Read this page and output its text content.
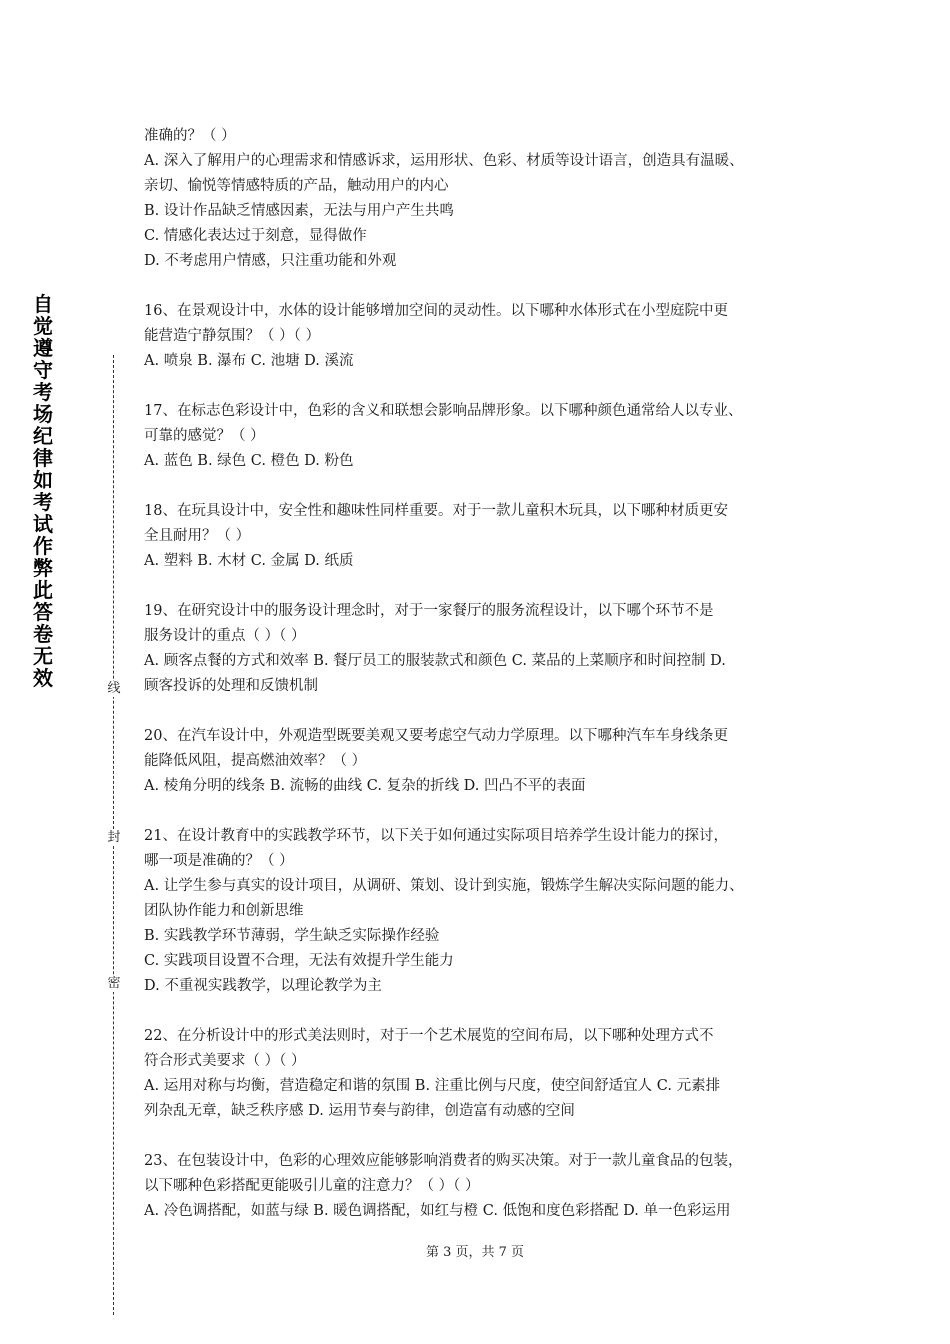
自
觉
遵
守
考
场
纪
律
如
考
试
作
弊
此
答
卷
无
效	线
封
密
准确的？（ ）
A. 深入了解用户的心理需求和情感诉求，运用形状、色彩、材质等设计语言，创造具有温暖、
亲切、愉悦等情感特质的产品，触动用户的内心
B. 设计作品缺乏情感因素，无法与用户产生共鸣
C. 情感化表达过于刻意，显得做作
D. 不考虑用户情感，只注重功能和外观
16、在景观设计中，水体的设计能够增加空间的灵动性。以下哪种水体形式在小型庭院中更
能营造宁静氛围？（ ）（ ）
A. 喷泉 B. 瀑布 C. 池塘 D. 溪流
17、在标志色彩设计中，色彩的含义和联想会影响品牌形象。以下哪种颜色通常给人以专业、
可靠的感觉？（ ）
A. 蓝色 B. 绿色 C. 橙色 D. 粉色
18、在玩具设计中，安全性和趣味性同样重要。对于一款儿童积木玩具，以下哪种材质更安
全且耐用？（ ）
A. 塑料 B. 木材 C. 金属 D. 纸质
19、在研究设计中的服务设计理念时，对于一家餐厅的服务流程设计，以下哪个环节不是
服务设计的重点（ ）（ ）
A. 顾客点餐的方式和效率 B. 餐厅员工的服装款式和颜色 C. 菜品的上菜顺序和时间控制 D.
顾客投诉的处理和反馈机制
20、在汽车设计中，外观造型既要美观又要考虑空气动力学原理。以下哪种汽车车身线条更
能降低风阻，提高燃油效率？（ ）
A. 棱角分明的线条 B. 流畅的曲线 C. 复杂的折线 D. 凹凸不平的表面
21、在设计教育中的实践教学环节，以下关于如何通过实际项目培养学生设计能力的探讨，
哪一项是准确的？（ ）
A. 让学生参与真实的设计项目，从调研、策划、设计到实施，锻炼学生解决实际问题的能力、
团队协作能力和创新思维
B. 实践教学环节薄弱，学生缺乏实际操作经验
C. 实践项目设置不合理，无法有效提升学生能力
D. 不重视实践教学，以理论教学为主
22、在分析设计中的形式美法则时，对于一个艺术展览的空间布局，以下哪种处理方式不
符合形式美要求（ ）（ ）
A. 运用对称与均衡，营造稳定和谐的氛围 B. 注重比例与尺度，使空间舒适宜人 C. 元素排
列杂乱无章，缺乏秩序感 D. 运用节奏与韵律，创造富有动感的空间
23、在包装设计中，色彩的心理效应能够影响消费者的购买决策。对于一款儿童食品的包装，
以下哪种色彩搭配更能吸引儿童的注意力？（ ）（ ）
A. 冷色调搭配，如蓝与绿 B. 暖色调搭配，如红与橙 C. 低饱和度色彩搭配 D. 单一色彩运用
第 3 页，共 7 页
